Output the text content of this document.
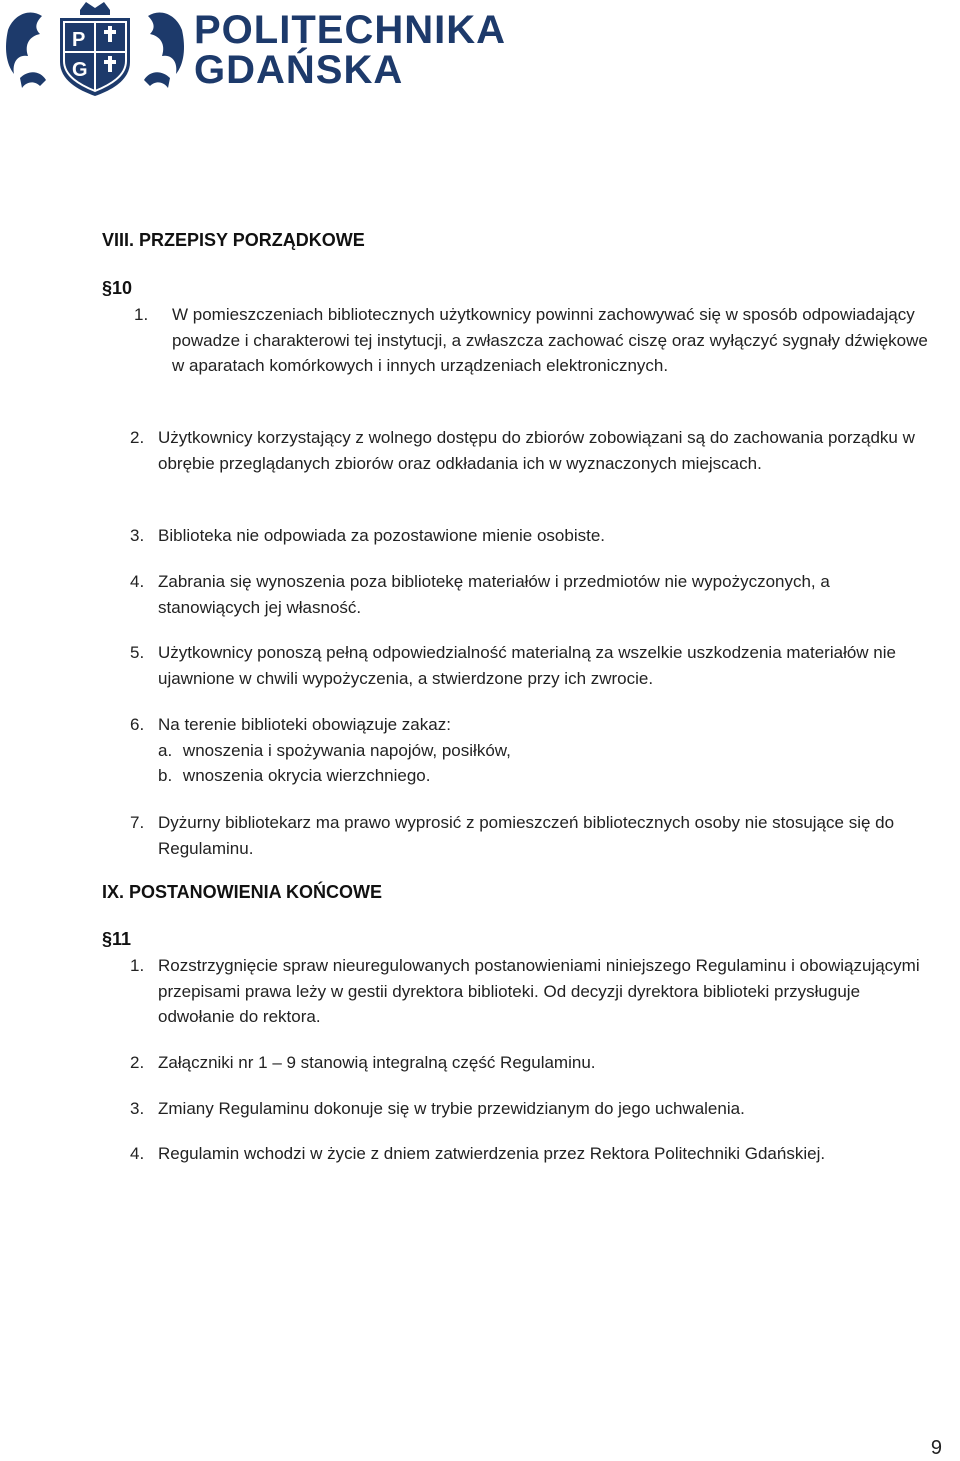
P
G
POLITECHNIKA
GDAŃSKA
VIII. PRZEPISY PORZĄDKOWE
§10
1.	W pomieszczeniach bibliotecznych użytkownicy powinni zachowywać się w sposób odpowiadający powadze i charakterowi tej instytucji, a zwłaszcza zachować ciszę oraz wyłączyć sygnały dźwiękowe w aparatach komórkowych i innych urządzeniach elektronicznych.
2. Użytkownicy korzystający z wolnego dostępu do zbiorów zobowiązani są do zachowania porządku w obrębie przeglądanych zbiorów oraz odkładania ich w wyznaczonych miejscach.
3. Biblioteka nie odpowiada za pozostawione mienie osobiste.
4. Zabrania się wynoszenia poza bibliotekę materiałów i przedmiotów nie wypożyczonych, a stanowiących jej własność.
5. Użytkownicy ponoszą pełną odpowiedzialność materialną za wszelkie uszkodzenia materiałów nie ujawnione w chwili wypożyczenia, a stwierdzone przy ich zwrocie.
6. Na terenie biblioteki obowiązuje zakaz:
a. wnoszenia i spożywania napojów, posiłków,
b. wnoszenia okrycia wierzchniego.
7. Dyżurny bibliotekarz ma prawo wyprosić z pomieszczeń bibliotecznych osoby nie stosujące się do Regulaminu.
IX. POSTANOWIENIA KOŃCOWE
§11
1. Rozstrzygnięcie spraw nieuregulowanych postanowieniami niniejszego Regulaminu i obowiązującymi przepisami prawa leży w gestii dyrektora biblioteki. Od decyzji dyrektora biblioteki przysługuje odwołanie do rektora.
2. Załączniki nr 1 – 9 stanowią integralną część Regulaminu.
3. Zmiany Regulaminu dokonuje się w trybie przewidzianym do jego uchwalenia.
4. Regulamin wchodzi w życie z dniem zatwierdzenia przez Rektora Politechniki Gdańskiej.
9
